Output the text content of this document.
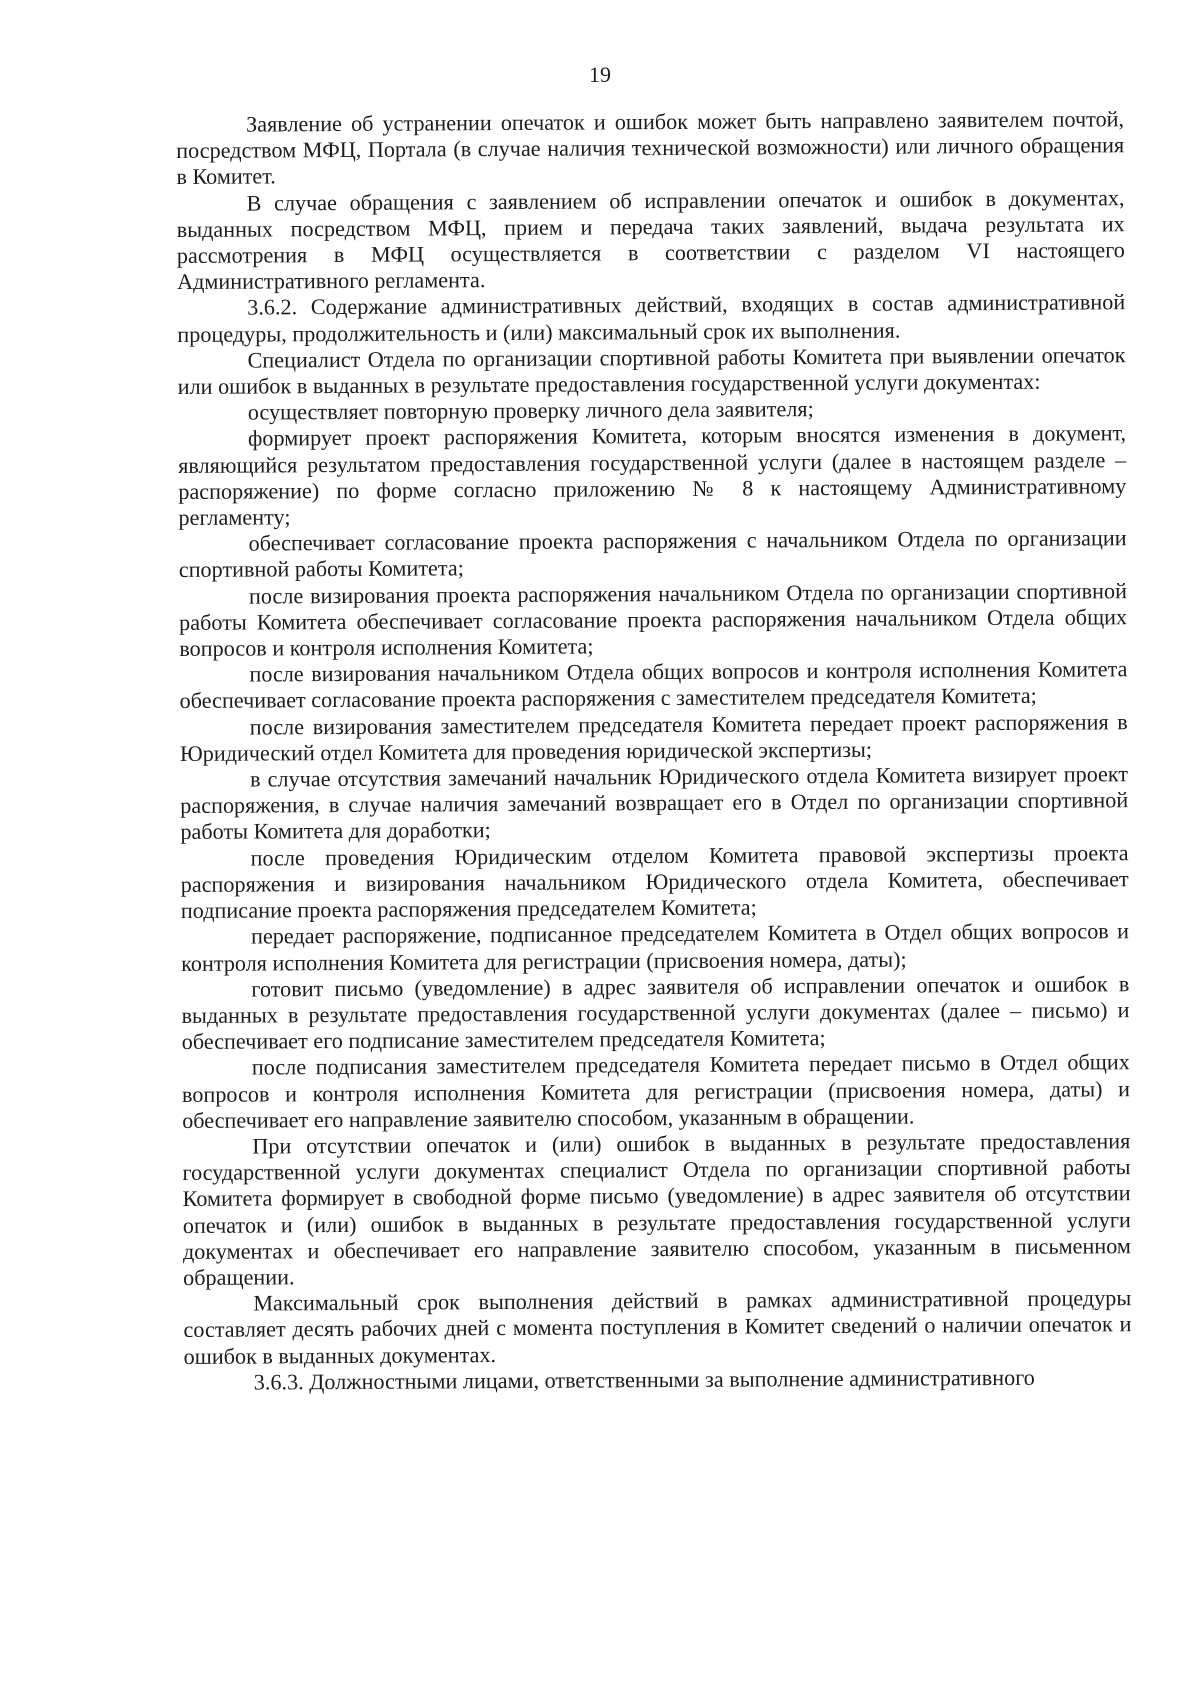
19

Заявление об устранении опечаток и ошибок может быть направлено заявителем почтой, посредством МФЦ, Портала (в случае наличия технической возможности) или личного обращения в Комитет.

В случае обращения с заявлением об исправлении опечаток и ошибок в документах, выданных посредством МФЦ, прием и передача таких заявлений, выдача результата их рассмотрения в МФЦ осуществляется в соответствии с разделом VI настоящего Административного регламента.

3.6.2. Содержание административных действий, входящих в состав административной процедуры, продолжительность и (или) максимальный срок их выполнения.

Специалист Отдела по организации спортивной работы Комитета при выявлении опечаток или ошибок в выданных в результате предоставления государственной услуги документах:

осуществляет повторную проверку личного дела заявителя;

формирует проект распоряжения Комитета, которым вносятся изменения в документ, являющийся результатом предоставления государственной услуги (далее в настоящем разделе – распоряжение) по форме согласно приложению № 8 к настоящему Административному регламенту;

обеспечивает согласование проекта распоряжения с начальником Отдела по организации спортивной работы Комитета;

после визирования проекта распоряжения начальником Отдела по организации спортивной работы Комитета обеспечивает согласование проекта распоряжения начальником Отдела общих вопросов и контроля исполнения Комитета;

после визирования начальником Отдела общих вопросов и контроля исполнения Комитета обеспечивает согласование проекта распоряжения с заместителем председателя Комитета;

после визирования заместителем председателя Комитета передает проект распоряжения в Юридический отдел Комитета для проведения юридической экспертизы;

в случае отсутствия замечаний начальник Юридического отдела Комитета визирует проект распоряжения, в случае наличия замечаний возвращает его в Отдел по организации спортивной работы Комитета для доработки;

после проведения Юридическим отделом Комитета правовой экспертизы проекта распоряжения и визирования начальником Юридического отдела Комитета, обеспечивает подписание проекта распоряжения председателем Комитета;

передает распоряжение, подписанное председателем Комитета в Отдел общих вопросов и контроля исполнения Комитета для регистрации (присвоения номера, даты);

готовит письмо (уведомление) в адрес заявителя об исправлении опечаток и ошибок в выданных в результате предоставления государственной услуги документах (далее – письмо) и обеспечивает его подписание заместителем председателя Комитета;

после подписания заместителем председателя Комитета передает письмо в Отдел общих вопросов и контроля исполнения Комитета для регистрации (присвоения номера, даты) и обеспечивает его направление заявителю способом, указанным в обращении.

При отсутствии опечаток и (или) ошибок в выданных в результате предоставления государственной услуги документах специалист Отдела по организации спортивной работы Комитета формирует в свободной форме письмо (уведомление) в адрес заявителя об отсутствии опечаток и (или) ошибок в выданных в результате предоставления государственной услуги документах и обеспечивает его направление заявителю способом, указанным в письменном обращении.

Максимальный срок выполнения действий в рамках административной процедуры составляет десять рабочих дней с момента поступления в Комитет сведений о наличии опечаток и ошибок в выданных документах.

3.6.3. Должностными лицами, ответственными за выполнение административного
